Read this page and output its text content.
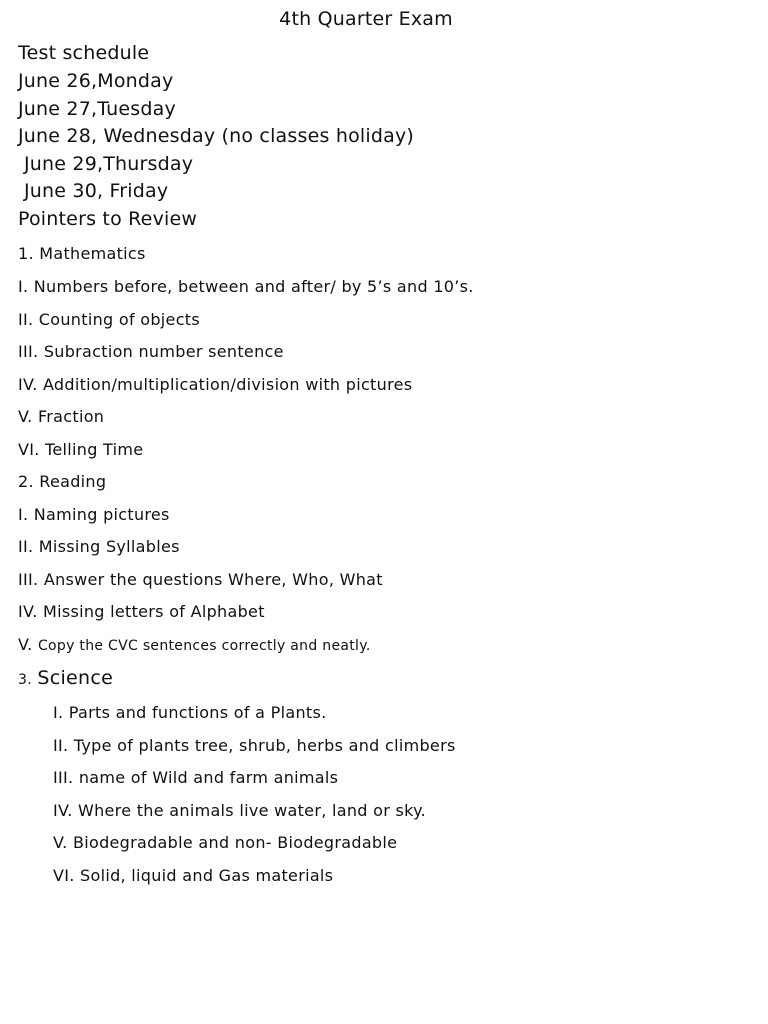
4th Quarter Exam
Test schedule
June 26,Monday
June 27,Tuesday
June 28, Wednesday (no classes holiday)
June 29,Thursday
June 30, Friday
Pointers to Review
1. Mathematics
I. Numbers before, between and after/ by 5’s and 10’s.
II. Counting of objects
III. Subraction number sentence
IV. Addition/multiplication/division with pictures
V. Fraction
VI. Telling Time
2. Reading
I. Naming pictures
II. Missing Syllables
III. Answer the questions Where, Who, What
IV. Missing letters of Alphabet
V. Copy the CVC sentences correctly and neatly.
3. Science
I. Parts and functions of a Plants.
II. Type of plants tree, shrub, herbs and climbers
III. name of Wild and farm animals
IV. Where the animals live water, land or sky.
V. Biodegradable and non- Biodegradable
VI. Solid, liquid and Gas materials
